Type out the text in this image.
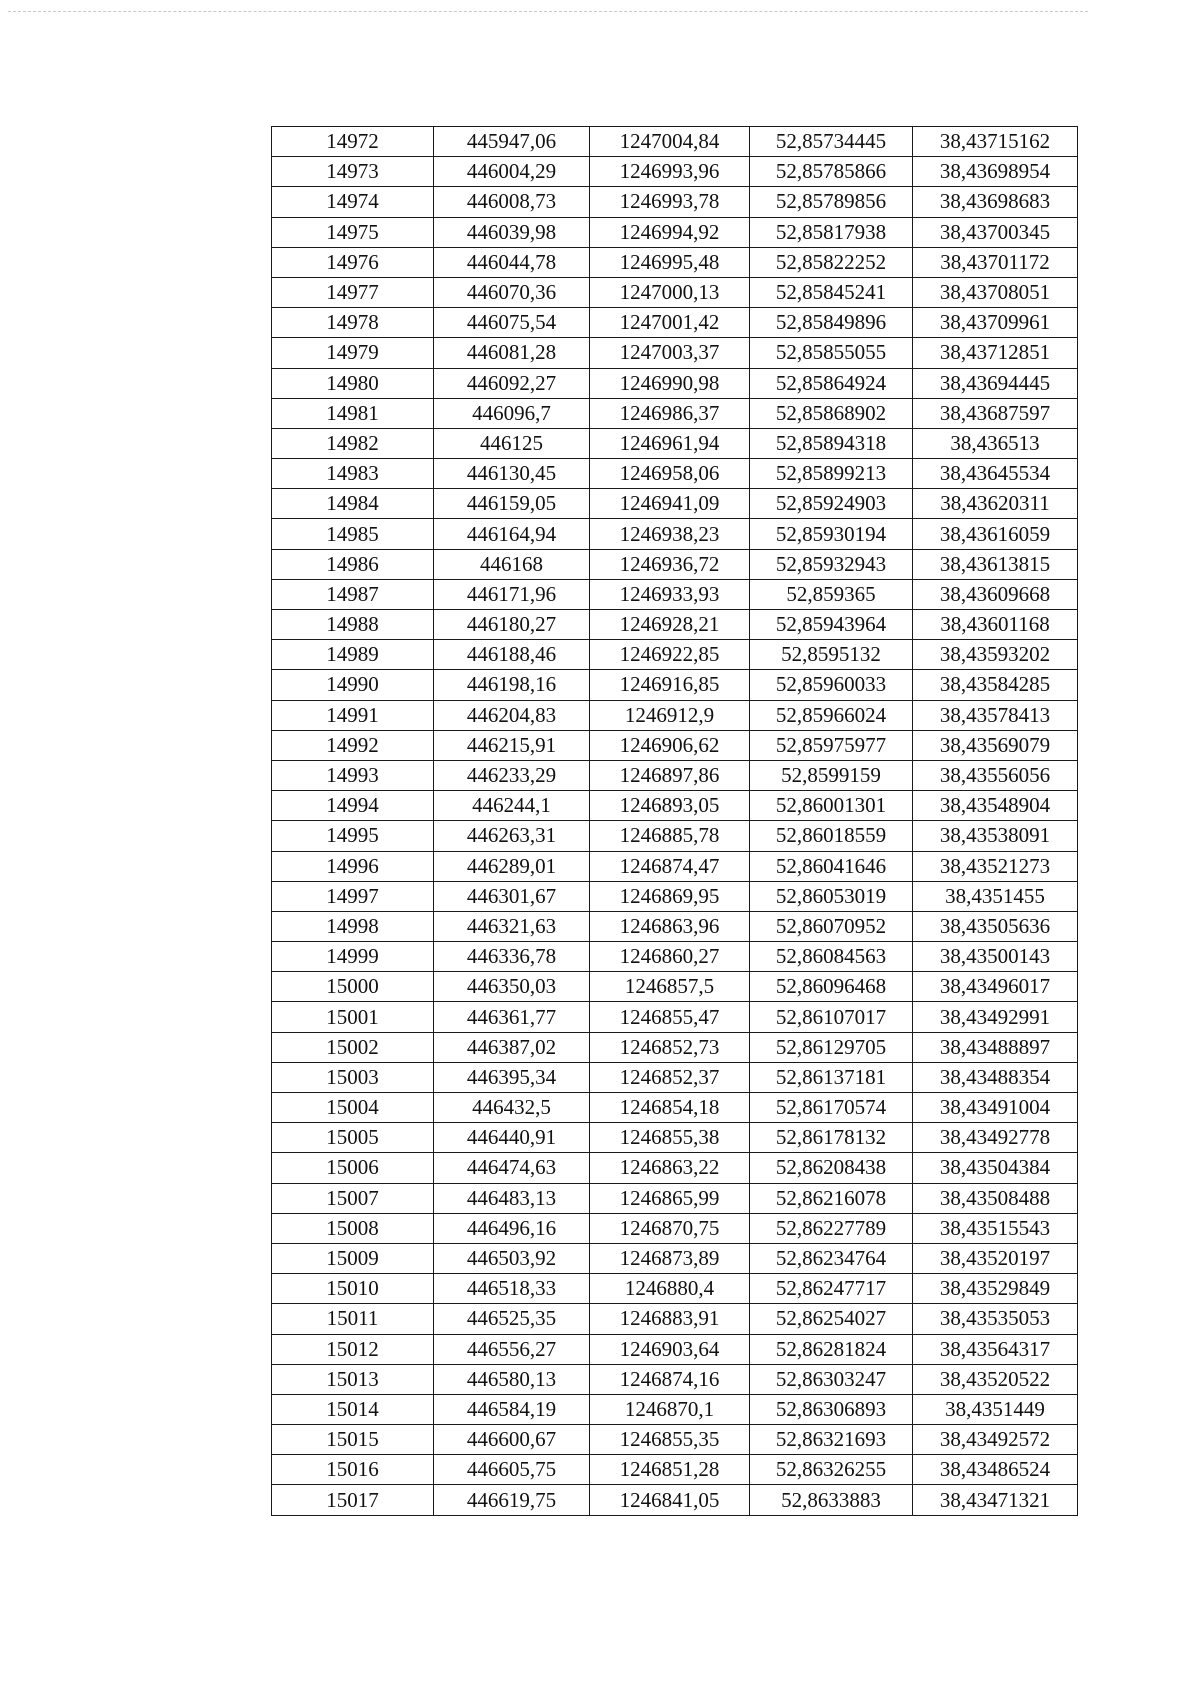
14972	445947,06	1247004,84	52,85734445	38,43715162
14973	446004,29	1246993,96	52,85785866	38,43698954
14974	446008,73	1246993,78	52,85789856	38,43698683
14975	446039,98	1246994,92	52,85817938	38,43700345
14976	446044,78	1246995,48	52,85822252	38,43701172
14977	446070,36	1247000,13	52,85845241	38,43708051
14978	446075,54	1247001,42	52,85849896	38,43709961
14979	446081,28	1247003,37	52,85855055	38,43712851
14980	446092,27	1246990,98	52,85864924	38,43694445
14981	446096,7	1246986,37	52,85868902	38,43687597
14982	446125	1246961,94	52,85894318	38,436513
14983	446130,45	1246958,06	52,85899213	38,43645534
14984	446159,05	1246941,09	52,85924903	38,43620311
14985	446164,94	1246938,23	52,85930194	38,43616059
14986	446168	1246936,72	52,85932943	38,43613815
14987	446171,96	1246933,93	52,859365	38,43609668
14988	446180,27	1246928,21	52,85943964	38,43601168
14989	446188,46	1246922,85	52,8595132	38,43593202
14990	446198,16	1246916,85	52,85960033	38,43584285
14991	446204,83	1246912,9	52,85966024	38,43578413
14992	446215,91	1246906,62	52,85975977	38,43569079
14993	446233,29	1246897,86	52,8599159	38,43556056
14994	446244,1	1246893,05	52,86001301	38,43548904
14995	446263,31	1246885,78	52,86018559	38,43538091
14996	446289,01	1246874,47	52,86041646	38,43521273
14997	446301,67	1246869,95	52,86053019	38,4351455
14998	446321,63	1246863,96	52,86070952	38,43505636
14999	446336,78	1246860,27	52,86084563	38,43500143
15000	446350,03	1246857,5	52,86096468	38,43496017
15001	446361,77	1246855,47	52,86107017	38,43492991
15002	446387,02	1246852,73	52,86129705	38,43488897
15003	446395,34	1246852,37	52,86137181	38,43488354
15004	446432,5	1246854,18	52,86170574	38,43491004
15005	446440,91	1246855,38	52,86178132	38,43492778
15006	446474,63	1246863,22	52,86208438	38,43504384
15007	446483,13	1246865,99	52,86216078	38,43508488
15008	446496,16	1246870,75	52,86227789	38,43515543
15009	446503,92	1246873,89	52,86234764	38,43520197
15010	446518,33	1246880,4	52,86247717	38,43529849
15011	446525,35	1246883,91	52,86254027	38,43535053
15012	446556,27	1246903,64	52,86281824	38,43564317
15013	446580,13	1246874,16	52,86303247	38,43520522
15014	446584,19	1246870,1	52,86306893	38,4351449
15015	446600,67	1246855,35	52,86321693	38,43492572
15016	446605,75	1246851,28	52,86326255	38,43486524
15017	446619,75	1246841,05	52,8633883	38,43471321
